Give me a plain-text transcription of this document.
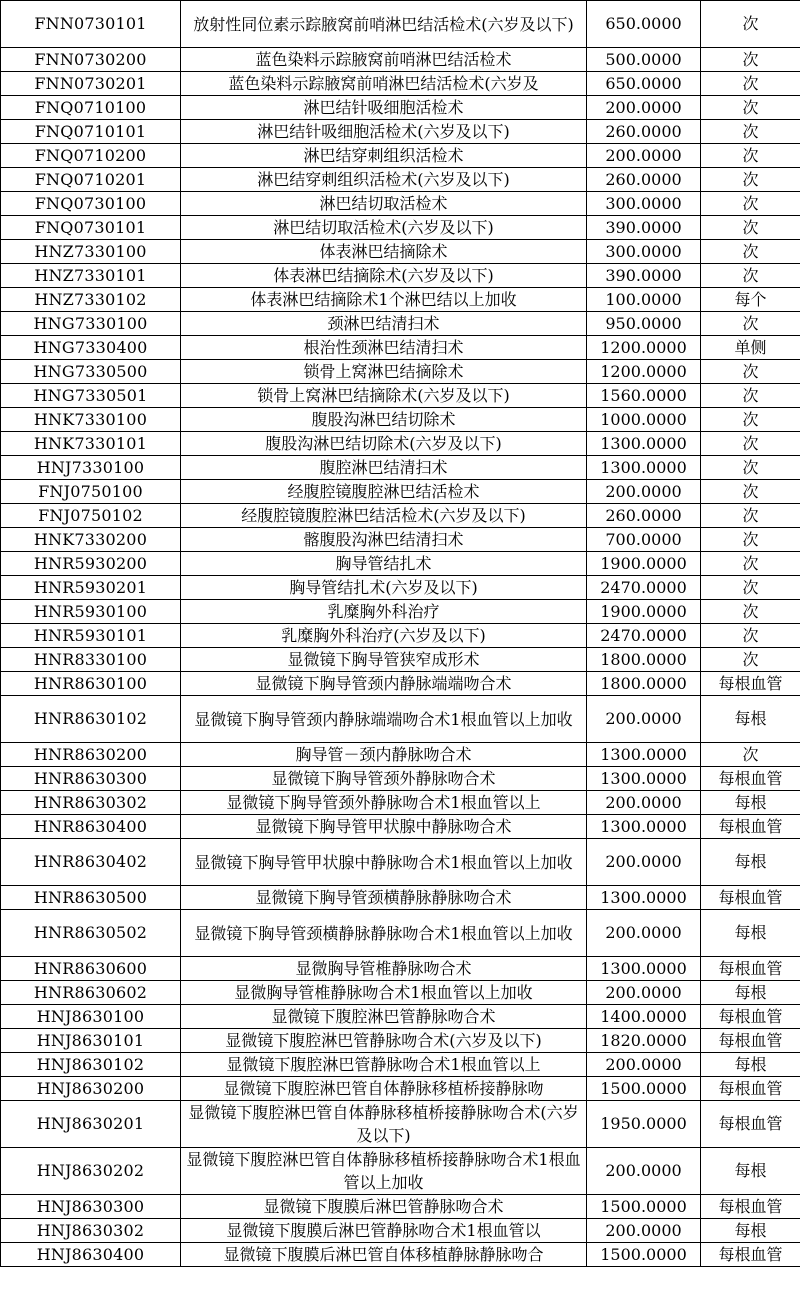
FNN0730101	放射性同位素示踪腋窝前哨淋巴结活检术(六岁及以下)	650.0000	次
FNN0730200	蓝色染料示踪腋窝前哨淋巴结活检术	500.0000	次
FNN0730201	蓝色染料示踪腋窝前哨淋巴结活检术(六岁及	650.0000	次
FNQ0710100	淋巴结针吸细胞活检术	200.0000	次
FNQ0710101	淋巴结针吸细胞活检术(六岁及以下)	260.0000	次
FNQ0710200	淋巴结穿刺组织活检术	200.0000	次
FNQ0710201	淋巴结穿刺组织活检术(六岁及以下)	260.0000	次
FNQ0730100	淋巴结切取活检术	300.0000	次
FNQ0730101	淋巴结切取活检术(六岁及以下)	390.0000	次
HNZ7330100	体表淋巴结摘除术	300.0000	次
HNZ7330101	体表淋巴结摘除术(六岁及以下)	390.0000	次
HNZ7330102	体表淋巴结摘除术1个淋巴结以上加收	100.0000	每个
HNG7330100	颈淋巴结清扫术	950.0000	次
HNG7330400	根治性颈淋巴结清扫术	1200.0000	单侧
HNG7330500	锁骨上窝淋巴结摘除术	1200.0000	次
HNG7330501	锁骨上窝淋巴结摘除术(六岁及以下)	1560.0000	次
HNK7330100	腹股沟淋巴结切除术	1000.0000	次
HNK7330101	腹股沟淋巴结切除术(六岁及以下)	1300.0000	次
HNJ7330100	腹腔淋巴结清扫术	1300.0000	次
FNJ0750100	经腹腔镜腹腔淋巴结活检术	200.0000	次
FNJ0750102	经腹腔镜腹腔淋巴结活检术(六岁及以下)	260.0000	次
HNK7330200	髂腹股沟淋巴结清扫术	700.0000	次
HNR5930200	胸导管结扎术	1900.0000	次
HNR5930201	胸导管结扎术(六岁及以下)	2470.0000	次
HNR5930100	乳糜胸外科治疗	1900.0000	次
HNR5930101	乳糜胸外科治疗(六岁及以下)	2470.0000	次
HNR8330100	显微镜下胸导管狭窄成形术	1800.0000	次
HNR8630100	显微镜下胸导管颈内静脉端端吻合术	1800.0000	每根血管
HNR8630102	显微镜下胸导管颈内静脉端端吻合术1根血管以上加收	200.0000	每根
HNR8630200	胸导管－颈内静脉吻合术	1300.0000	次
HNR8630300	显微镜下胸导管颈外静脉吻合术	1300.0000	每根血管
HNR8630302	显微镜下胸导管颈外静脉吻合术1根血管以上	200.0000	每根
HNR8630400	显微镜下胸导管甲状腺中静脉吻合术	1300.0000	每根血管
HNR8630402	显微镜下胸导管甲状腺中静脉吻合术1根血管以上加收	200.0000	每根
HNR8630500	显微镜下胸导管颈横静脉静脉吻合术	1300.0000	每根血管
HNR8630502	显微镜下胸导管颈横静脉静脉吻合术1根血管以上加收	200.0000	每根
HNR8630600	显微胸导管椎静脉吻合术	1300.0000	每根血管
HNR8630602	显微胸导管椎静脉吻合术1根血管以上加收	200.0000	每根
HNJ8630100	显微镜下腹腔淋巴管静脉吻合术	1400.0000	每根血管
HNJ8630101	显微镜下腹腔淋巴管静脉吻合术(六岁及以下)	1820.0000	每根血管
HNJ8630102	显微镜下腹腔淋巴管静脉吻合术1根血管以上	200.0000	每根
HNJ8630200	显微镜下腹腔淋巴管自体静脉移植桥接静脉吻	1500.0000	每根血管
HNJ8630201	显微镜下腹腔淋巴管自体静脉移植桥接静脉吻合术(六岁及以下)	1950.0000	每根血管
HNJ8630202	显微镜下腹腔淋巴管自体静脉移植桥接静脉吻合术1根血管以上加收	200.0000	每根
HNJ8630300	显微镜下腹膜后淋巴管静脉吻合术	1500.0000	每根血管
HNJ8630302	显微镜下腹膜后淋巴管静脉吻合术1根血管以	200.0000	每根
HNJ8630400	显微镜下腹膜后淋巴管自体移植静脉静脉吻合	1500.0000	每根血管
